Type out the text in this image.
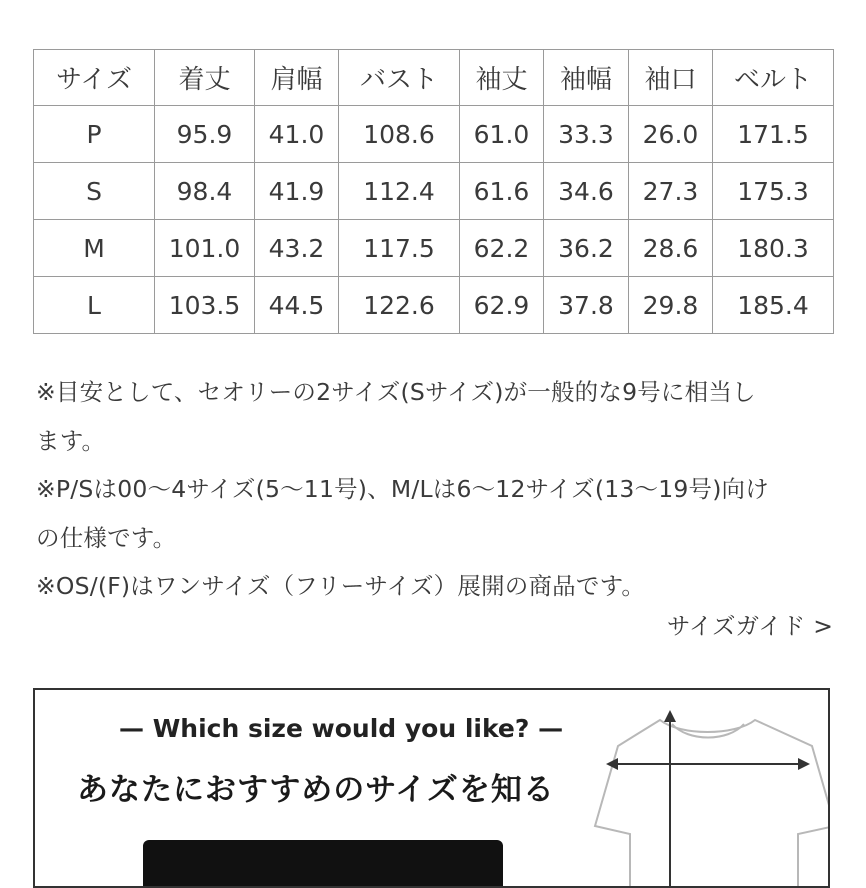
サイズ	着丈	肩幅	バスト	袖丈	袖幅	袖口	ベルト
P	95.9	41.0	108.6	61.0	33.3	26.0	171.5
S	98.4	41.9	112.4	61.6	34.6	27.3	175.3
M	101.0	43.2	117.5	62.2	36.2	28.6	180.3
L	103.5	44.5	122.6	62.9	37.8	29.8	185.4

※目安として、セオリーの2サイズ(Sサイズ)が一般的な9号に相当し

ます。

※P/Sは00〜4サイズ(5〜11号)、M/Lは6〜12サイズ(13〜19号)向け

の仕様です。

※OS/(F)はワンサイズ（フリーサイズ）展開の商品です。

サイズガイド >
— Which size would you like? —
あなたにおすすめのサイズを知る
